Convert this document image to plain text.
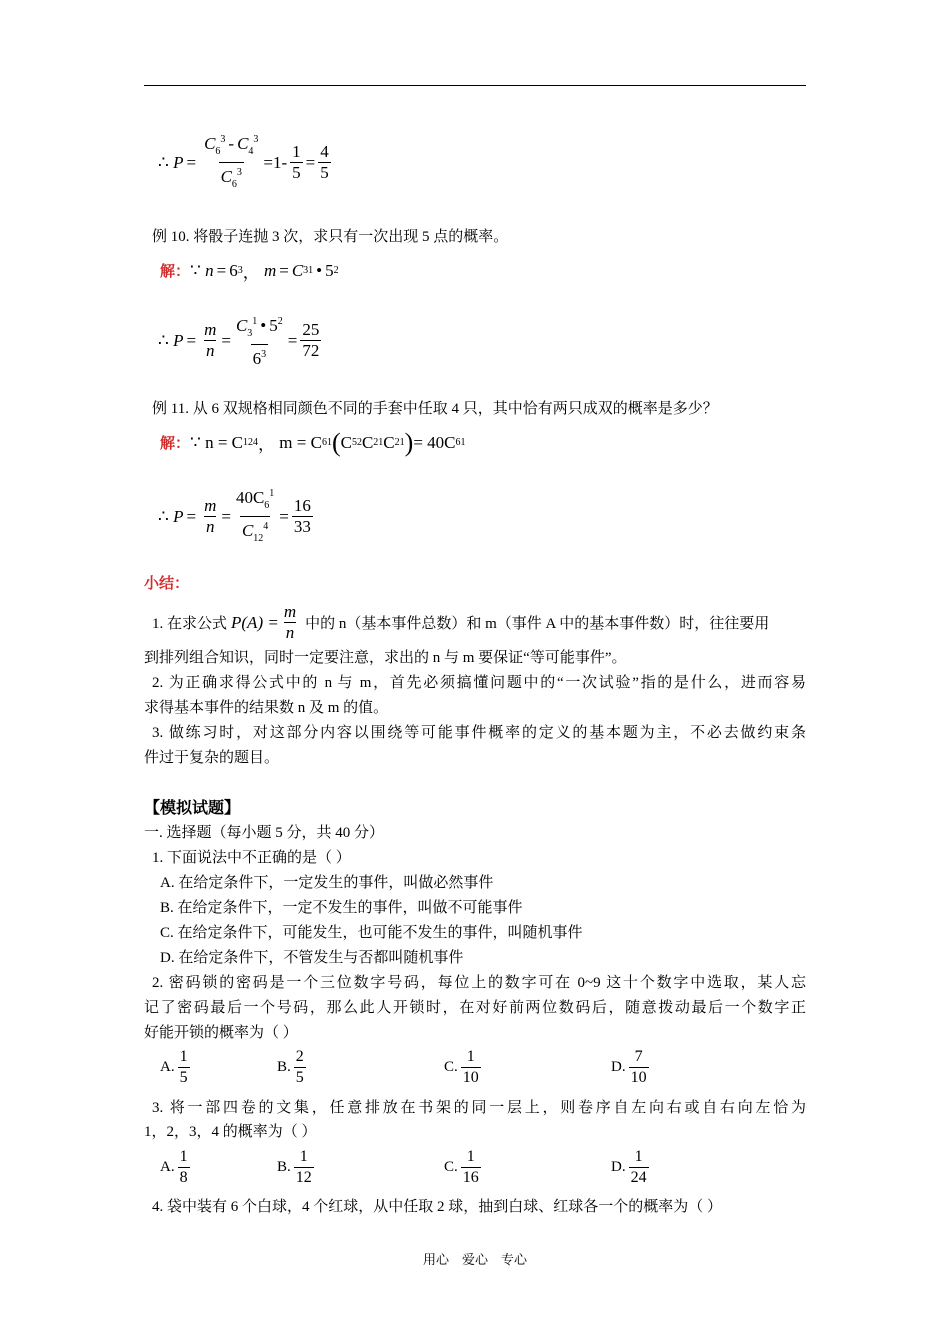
∴
$P = \frac{C_6^3 - C_4^3}{C_6^3} =1- \frac{1}{5} = \frac{4}{5}$
例 10. 将骰子连抛 3 次，求只有一次出现 5 点的概率。
解： ∵
n = 6 3 ，
m = C 3 1 • 5 2
∴
$P = \frac{m}{n} = \frac{C_3^1 • 5^2}{6^3} = \frac{25}{72}$
例 11. 从 6 双规格相同颜色不同的手套中任取 4 只，其中恰有两只成双的概率是多少？
解： ∵
n = C 12 4 ，
m = C 6 1 ( C 5 2 C 2 1 C 2 1 ) = 40C 6 1
∴
$P = \frac{m}{n} = \frac{40C_6^1}{C_{12}^4} = \frac{16}{33}$
小结：
1. 在求公式 $P(A) = \frac{m}{n}$ 中的 n（基本事件总数）和 m（事件 A 中的基本事件数）时，往往要用
到排列组合知识，同时一定要注意，求出的 n 与 m 要保证“等可能事件”。
2. 为正确求得公式中的 n 与 m，首先必须搞懂问题中的“一次试验”指的是什么，进而容易
求得基本事件的结果数 n 及 m 的值。
3. 做练习时，对这部分内容以围绕等可能事件概率的定义的基本题为主，不必去做约束条
件过于复杂的题目。
【模拟试题】
一. 选择题（每小题 5 分，共 40 分）
1. 下面说法中不正确的是（ ）
A. 在给定条件下，一定发生的事件，叫做必然事件
B. 在给定条件下，一定不发生的事件，叫做不可能事件
C. 在给定条件下，可能发生，也可能不发生的事件，叫随机事件
D. 在给定条件下，不管发生与否都叫随机事件
2. 密码锁的密码是一个三位数字号码，每位上的数字可在 0~9 这十个数字中选取，某人忘
记了密码最后一个号码，那么此人开锁时，在对好前两位数码后，随意拨动最后一个数字正
好能开锁的概率为（ ）
A. $\frac{1}{5}$	B. $\frac{2}{5}$	C. $\frac{1}{10}$	D. $\frac{7}{10}$
3. 将一部四卷的文集，任意排放在书架的同一层上，则卷序自左向右或自右向左恰为
1，2，3，4 的概率为（ ）
A. $\frac{1}{8}$	B. $\frac{1}{12}$	C. $\frac{1}{16}$	D. $\frac{1}{24}$
4. 袋中装有 6 个白球，4 个红球，从中任取 2 球，抽到白球、红球各一个的概率为（ ）
用心    爱心    专心
